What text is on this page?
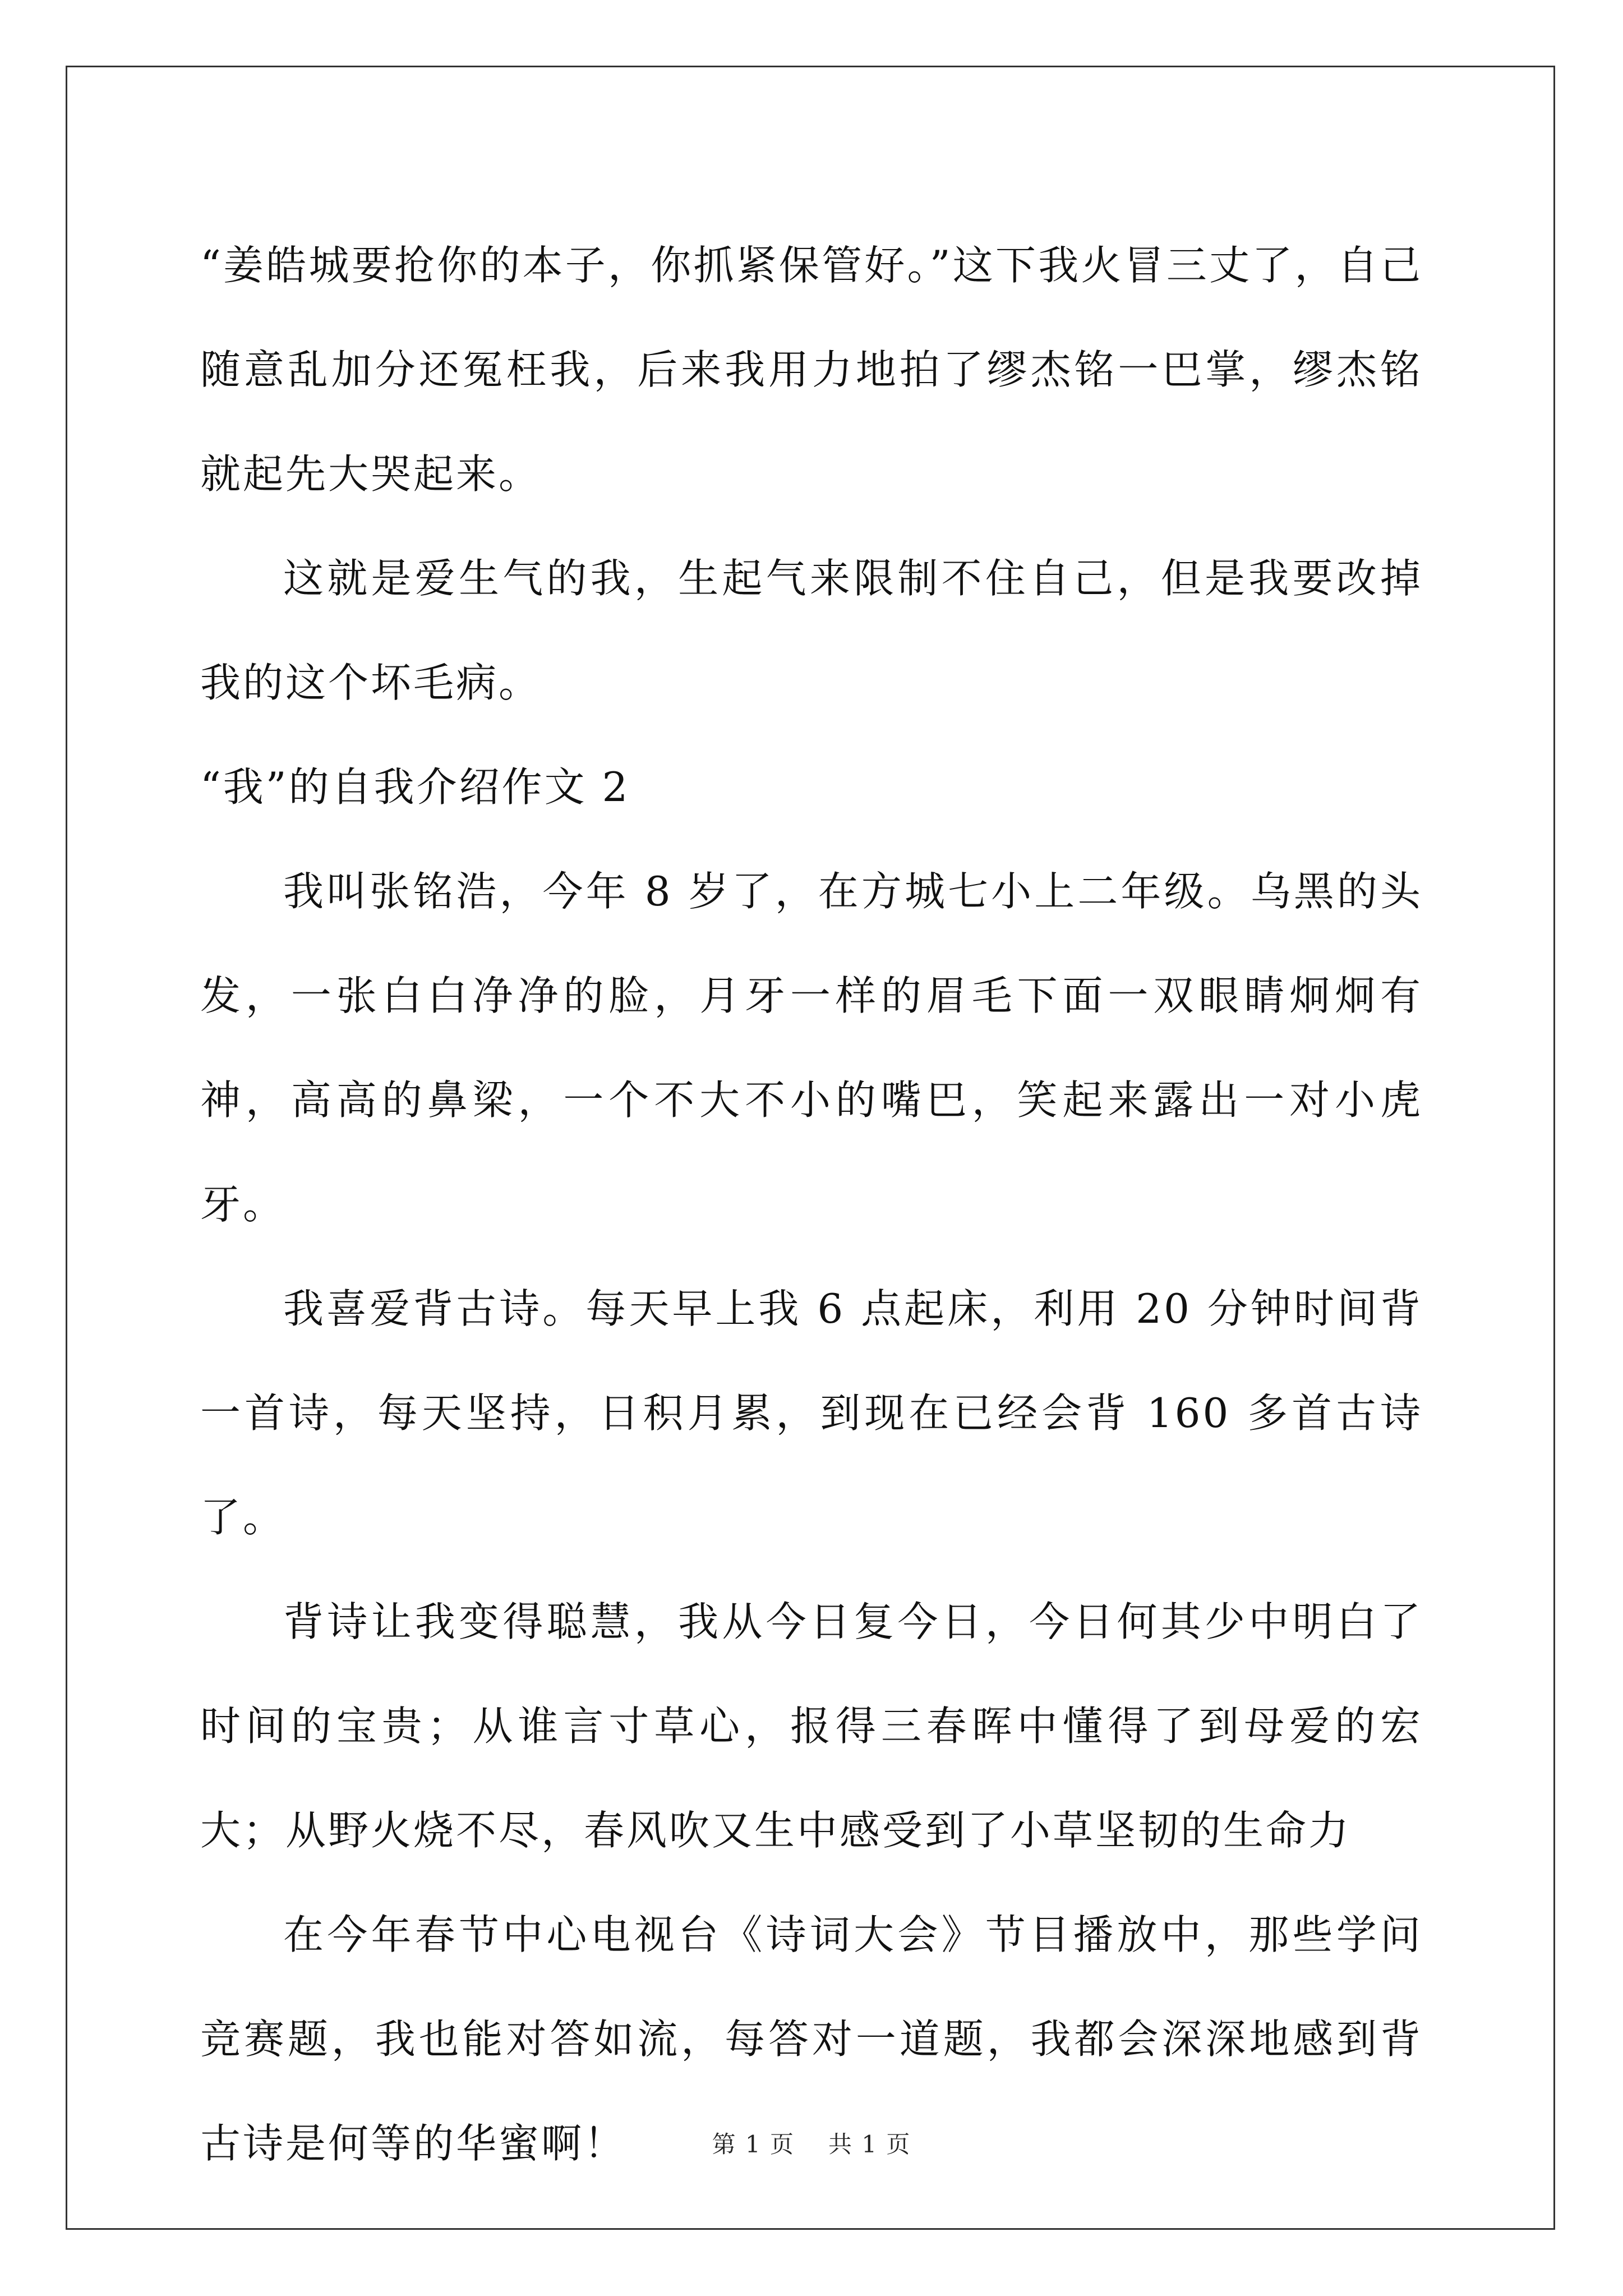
“姜皓城要抢你的本子，你抓紧保管好。”这下我火冒三丈了，自己随意乱加分还冤枉我，后来我用力地拍了缪杰铭一巴掌，缪杰铭就起先大哭起来。

这就是爱生气的我，生起气来限制不住自己，但是我要改掉我的这个坏毛病。

“我”的自我介绍作文 2

我叫张铭浩，今年 8 岁了，在方城七小上二年级。乌黑的头发，一张白白净净的脸，月牙一样的眉毛下面一双眼睛炯炯有神，高高的鼻梁，一个不大不小的嘴巴，笑起来露出一对小虎牙。

我喜爱背古诗。每天早上我 6 点起床，利用 20 分钟时间背一首诗，每天坚持，日积月累，到现在已经会背 160 多首古诗了。

背诗让我变得聪慧，我从今日复今日，今日何其少中明白了时间的宝贵；从谁言寸草心，报得三春晖中懂得了到母爱的宏大；从野火烧不尽，春风吹又生中感受到了小草坚韧的生命力

在今年春节中心电视台《诗词大会》节目播放中，那些学问竞赛题，我也能对答如流，每答对一道题，我都会深深地感到背古诗是何等的华蜜啊！	第 1 页 共 1 页
